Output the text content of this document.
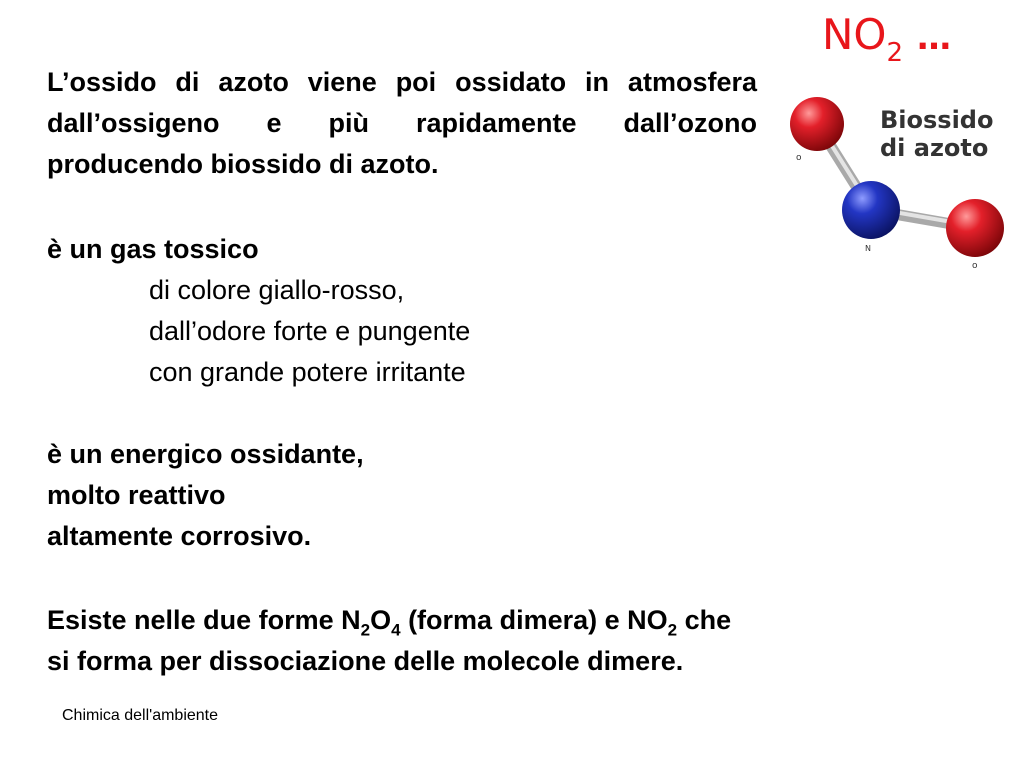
$NO_2$ …
L’ossido di azoto viene poi ossidato in atmosfera dall’ossigeno e più rapidamente dall’ozono producendo biossido di azoto.	o
N
o
Biossido
di azoto
è un gas tossico
di colore giallo-rosso,
dall’odore forte e pungente
con grande potere irritante
è un energico ossidante,
molto reattivo
altamente corrosivo.
Esiste nelle due forme $N_2O_4$ (forma dimera) e $NO_2$ che
si forma per dissociazione delle molecole dimere.
Chimica dell'ambiente
